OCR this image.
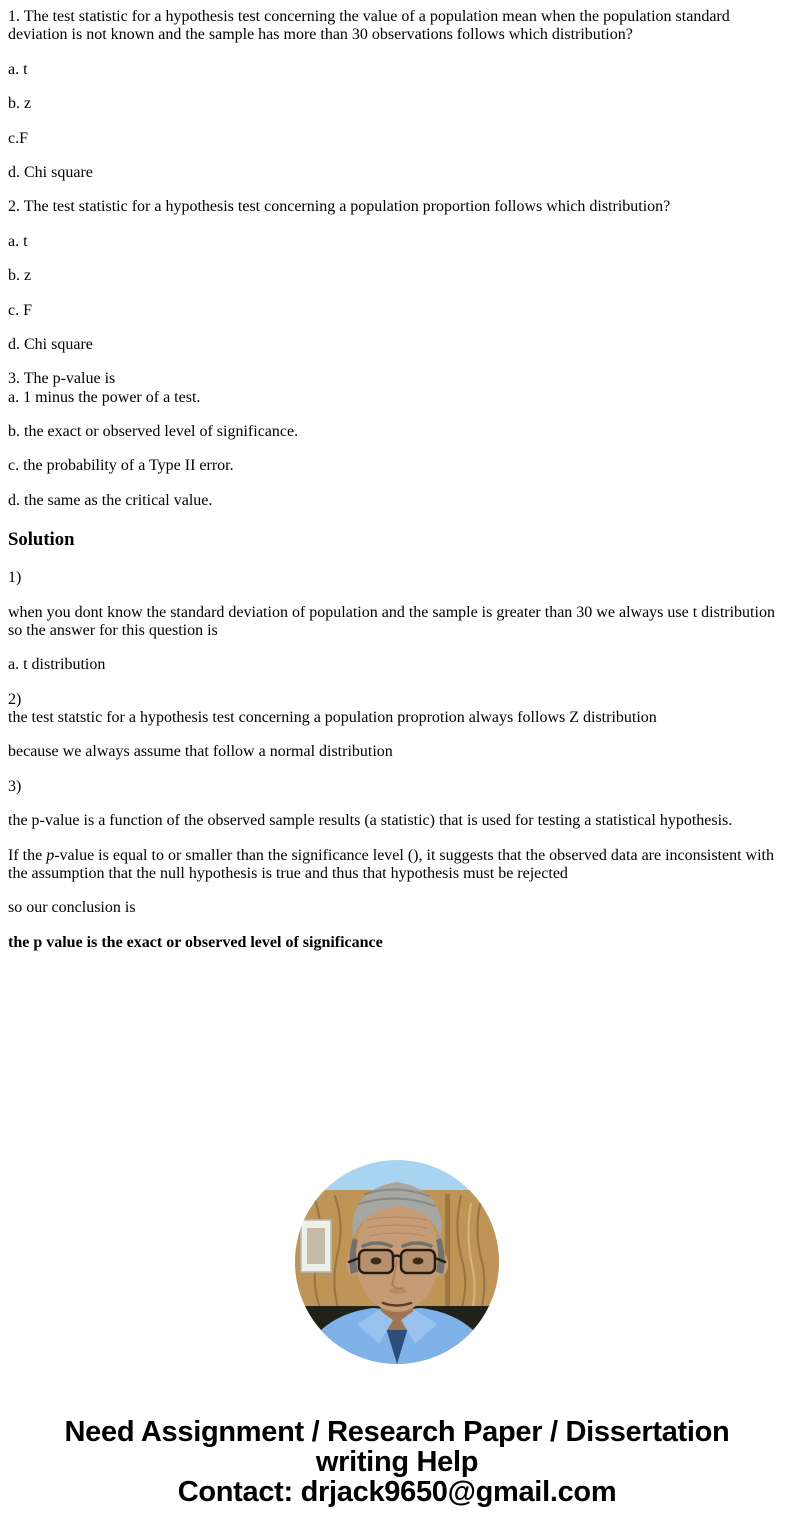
1. The test statistic for a hypothesis test concerning the value of a population mean when the population standard deviation is not known and the sample has more than 30 observations follows which distribution?

a. t

b. z

c.F

d. Chi square

2. The test statistic for a hypothesis test concerning a population proportion follows which distribution?

a. t

b. z

c. F

d. Chi square

3. The p-value is
a. 1 minus the power of a test.

b. the exact or observed level of significance.

c. the probability of a Type II error.

d. the same as the critical value.

Solution

1)

when you dont know the standard deviation of population and the sample is greater than 30 we always use t distribution so the answer for this question is

a. t distribution

2)
the test statstic for a hypothesis test concerning a population proprotion always follows Z distribution

because we always assume that follow a normal distribution

3)

the p-value is a function of the observed sample results (a statistic) that is used for testing a statistical hypothesis.

If the p-value is equal to or smaller than the significance level (), it suggests that the observed data are inconsistent with the assumption that the null hypothesis is true and thus that hypothesis must be rejected

so our conclusion is

the p value is the exact or observed level of significance

Need Assignment / Research Paper / Dissertation
writing Help
Contact: drjack9650@gmail.com
